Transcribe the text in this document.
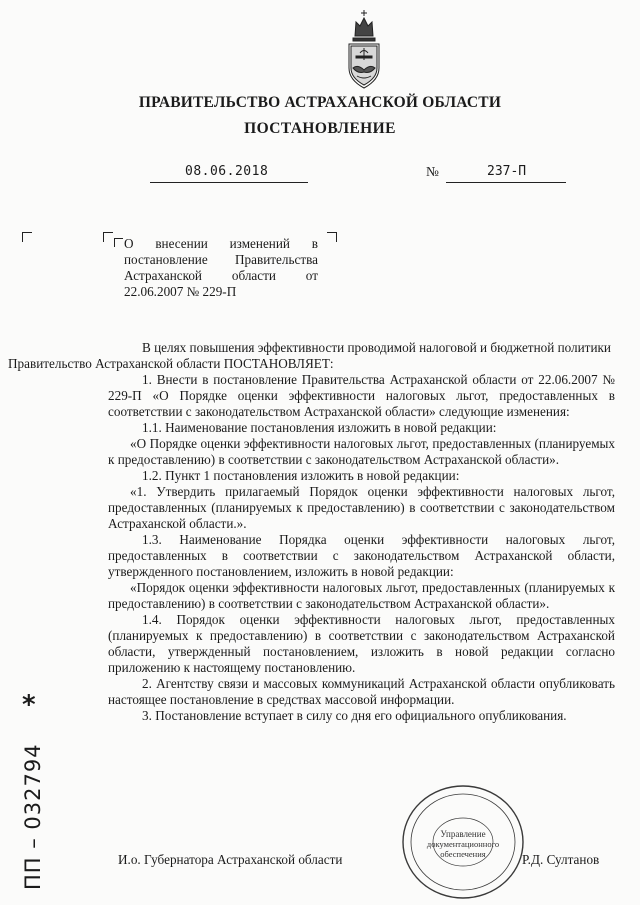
ПРАВИТЕЛЬСТВО АСТРАХАНСКОЙ ОБЛАСТИ
ПОСТАНОВЛЕНИЕ
08.06.2018	№	237-П
О внесении изменений в постановление Правительства Астраханской области от 22.06.2007 № 229-П

В целях повышения эффективности проводимой налоговой и бюджетной политики

Правительство Астраханской области ПОСТАНОВЛЯЕТ:

1. Внести в постановление Правительства Астраханской области от 22.06.2007 № 229-П «О Порядке оценки эффективности налоговых льгот, предоставленных в соответствии с законодательством Астраханской области» следующие изменения:

1.1. Наименование постановления изложить в новой редакции:

«О Порядке оценки эффективности налоговых льгот, предоставленных (планируемых к предоставлению) в соответствии с законодательством Астраханской области».

1.2. Пункт 1 постановления изложить в новой редакции:

«1. Утвердить прилагаемый Порядок оценки эффективности налоговых льгот, предоставленных (планируемых к предоставлению) в соответствии с законодательством Астраханской области.».

1.3. Наименование Порядка оценки эффективности налоговых льгот, предоставленных в соответствии с законодательством Астраханской области, утвержденного постановлением, изложить в новой редакции:

«Порядок оценки эффективности налоговых льгот, предоставленных (планируемых к предоставлению) в соответствии с законодательством Астраханской области».

1.4. Порядок оценки эффективности налоговых льгот, предоставленных (планируемых к предоставлению) в соответствии с законодательством Астраханской области, утвержденный постановлением, изложить в новой редакции согласно приложению к настоящему постановлению.

2. Агентству связи и массовых коммуникаций Астраханской области опубликовать настоящее постановление в средствах массовой информации.

3. Постановление вступает в силу со дня его официального опубликования.

Управление
документационного
обеспечения
И.о. Губернатора Астраханской области	Р.Д. Султанов
*
ПП – 032794
